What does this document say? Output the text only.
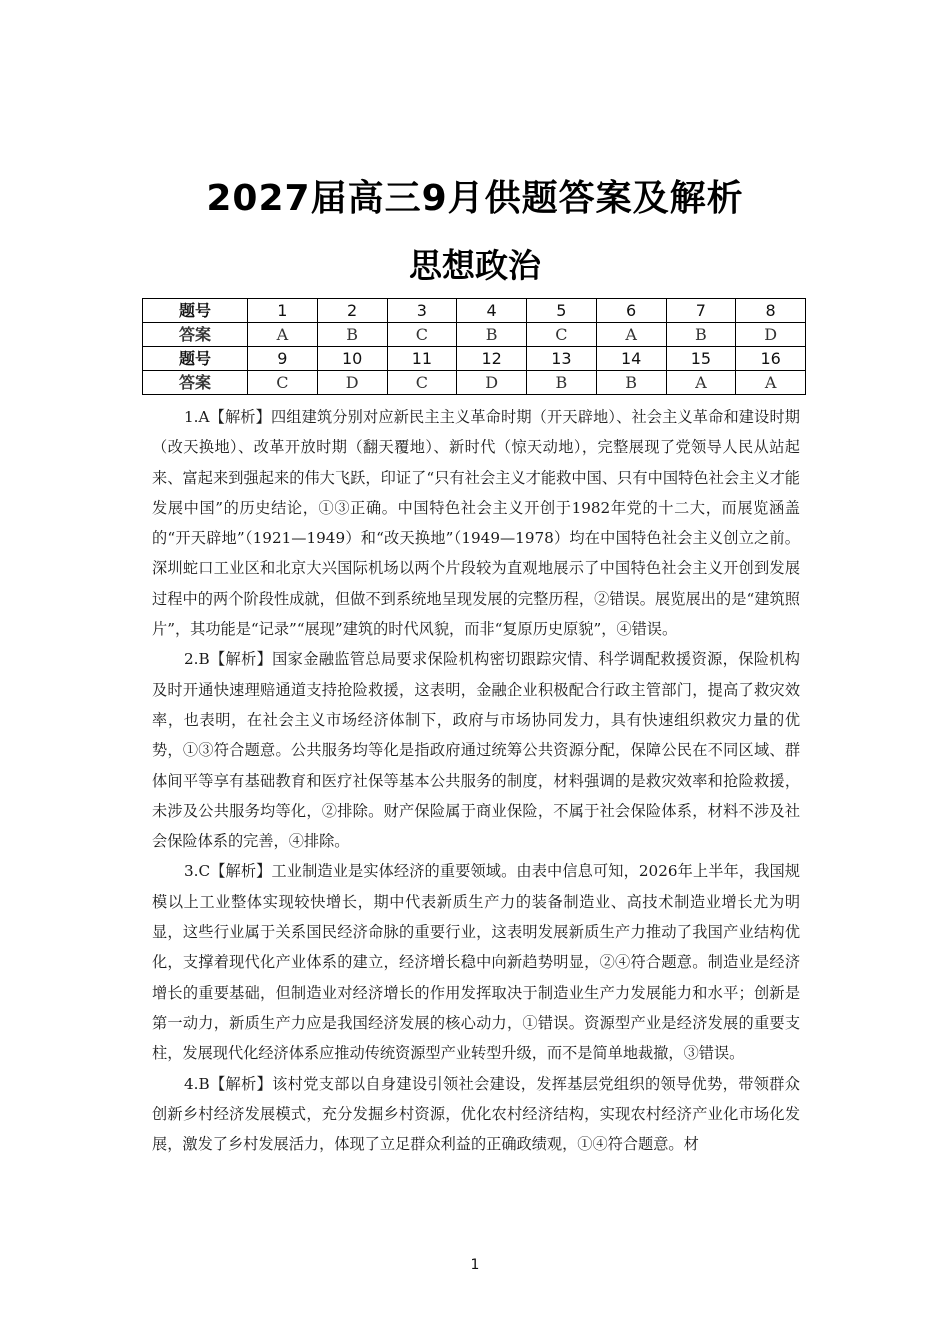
2027届高三9月供题答案及解析
思想政治
题号	1	2	3	4	5	6	7	8
答案	A	B	C	B	C	A	B	D
题号	9	10	11	12	13	14	15	16
答案	C	D	C	D	B	B	A	A

1.A【解析】四组建筑分别对应新民主主义革命时期（开天辟地）、社会主义革命和建设时期（改天换地）、改革开放时期（翻天覆地）、新时代（惊天动地），完整展现了党领导人民从站起来、富起来到强起来的伟大飞跃，印证了“只有社会主义才能救中国、只有中国特色社会主义才能发展中国”的历史结论，①③正确。中国特色社会主义开创于1982年党的十二大，而展览涵盖的“开天辟地”（1921—1949）和“改天换地”（1949—1978）均在中国特色社会主义创立之前。深圳蛇口工业区和北京大兴国际机场以两个片段较为直观地展示了中国特色社会主义开创到发展过程中的两个阶段性成就，但做不到系统地呈现发展的完整历程，②错误。展览展出的是“建筑照片”，其功能是“记录”“展现”建筑的时代风貌，而非“复原历史原貌”，④错误。

2.B【解析】国家金融监管总局要求保险机构密切跟踪灾情、科学调配救援资源，保险机构及时开通快速理赔通道支持抢险救援，这表明，金融企业积极配合行政主管部门，提高了救灾效率，也表明，在社会主义市场经济体制下，政府与市场协同发力，具有快速组织救灾力量的优势，①③符合题意。公共服务均等化是指政府通过统筹公共资源分配，保障公民在不同区域、群体间平等享有基础教育和医疗社保等基本公共服务的制度，材料强调的是救灾效率和抢险救援，未涉及公共服务均等化，②排除。财产保险属于商业保险，不属于社会保险体系，材料不涉及社会保险体系的完善，④排除。

3.C【解析】工业制造业是实体经济的重要领域。由表中信息可知，2026年上半年，我国规模以上工业整体实现较快增长，期中代表新质生产力的装备制造业、高技术制造业增长尤为明显，这些行业属于关系国民经济命脉的重要行业，这表明发展新质生产力推动了我国产业结构优化，支撑着现代化产业体系的建立，经济增长稳中向新趋势明显，②④符合题意。制造业是经济增长的重要基础，但制造业对经济增长的作用发挥取决于制造业生产力发展能力和水平；创新是第一动力，新质生产力应是我国经济发展的核心动力，①错误。资源型产业是经济发展的重要支柱，发展现代化经济体系应推动传统资源型产业转型升级，而不是简单地裁撤，③错误。

4.B【解析】该村党支部以自身建设引领社会建设，发挥基层党组织的领导优势，带领群众创新乡村经济发展模式，充分发掘乡村资源，优化农村经济结构，实现农村经济产业化市场化发展，激发了乡村发展活力，体现了立足群众利益的正确政绩观，①④符合题意。材

1
